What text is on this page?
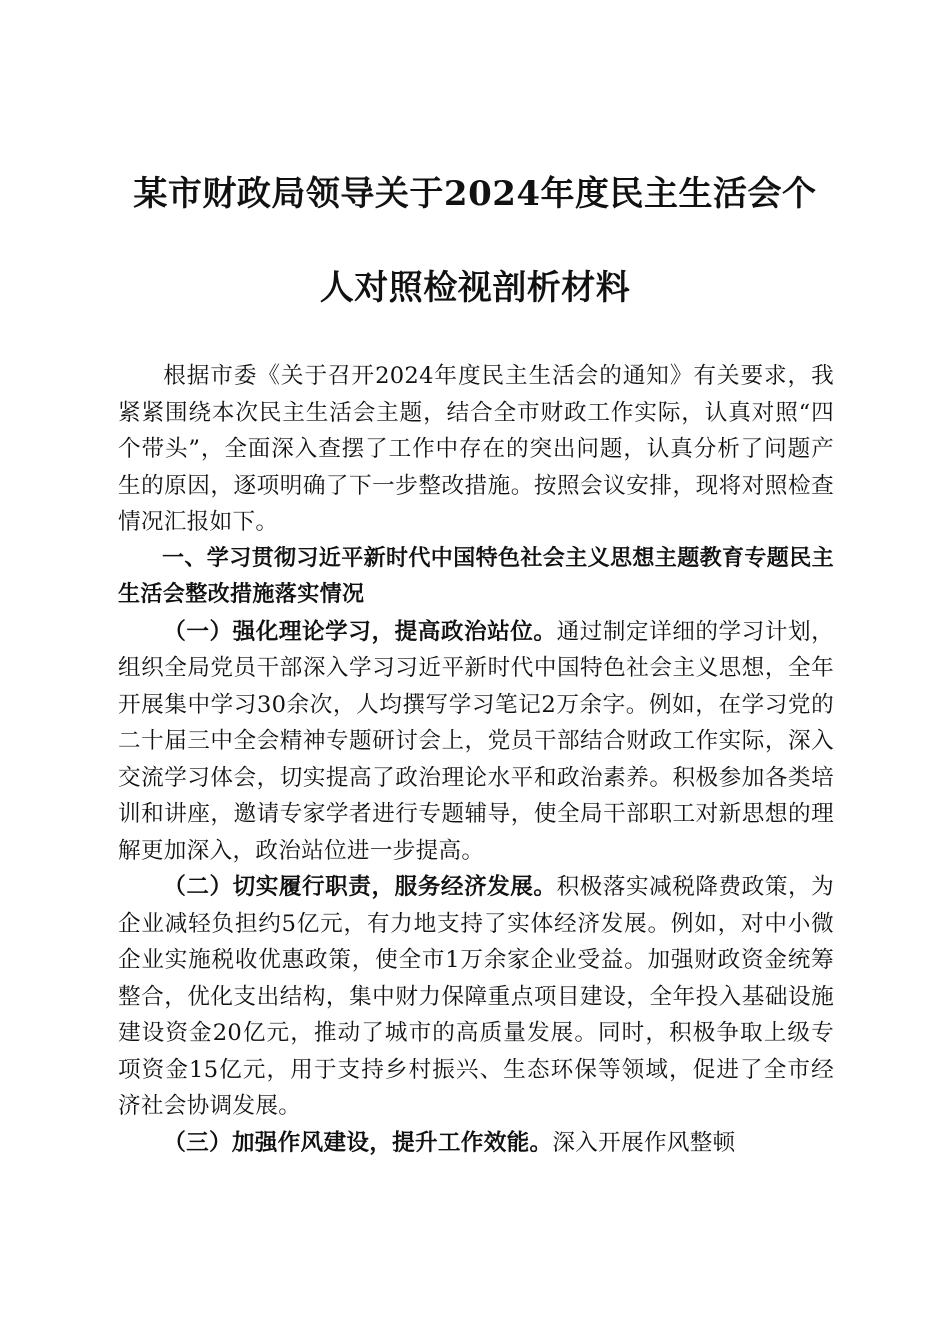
某市财政局领导关于2024年度民主生活会个
人对照检视剖析材料

根据市委《关于召开2024年度民主生活会的通知》有关要求，我紧紧围绕本次民主生活会主题，结合全市财政工作实际，认真对照“四个带头”，全面深入查摆了工作中存在的突出问题，认真分析了问题产生的原因，逐项明确了下一步整改措施。按照会议安排，现将对照检查情况汇报如下。

一、学习贯彻习近平新时代中国特色社会主义思想主题教育专题民主生活会整改措施落实情况

（一）强化理论学习，提高政治站位。通过制定详细的学习计划，组织全局党员干部深入学习习近平新时代中国特色社会主义思想，全年开展集中学习30余次，人均撰写学习笔记2万余字。例如，在学习党的二十届三中全会精神专题研讨会上，党员干部结合财政工作实际，深入交流学习体会，切实提高了政治理论水平和政治素养。积极参加各类培训和讲座，邀请专家学者进行专题辅导，使全局干部职工对新思想的理解更加深入，政治站位进一步提高。

（二）切实履行职责，服务经济发展。积极落实减税降费政策，为企业减轻负担约5亿元，有力地支持了实体经济发展。例如，对中小微企业实施税收优惠政策，使全市1万余家企业受益。加强财政资金统筹整合，优化支出结构，集中财力保障重点项目建设，全年投入基础设施建设资金20亿元，推动了城市的高质量发展。同时，积极争取上级专项资金15亿元，用于支持乡村振兴、生态环保等领域，促进了全市经济社会协调发展。

（三）加强作风建设，提升工作效能。深入开展作风整顿
